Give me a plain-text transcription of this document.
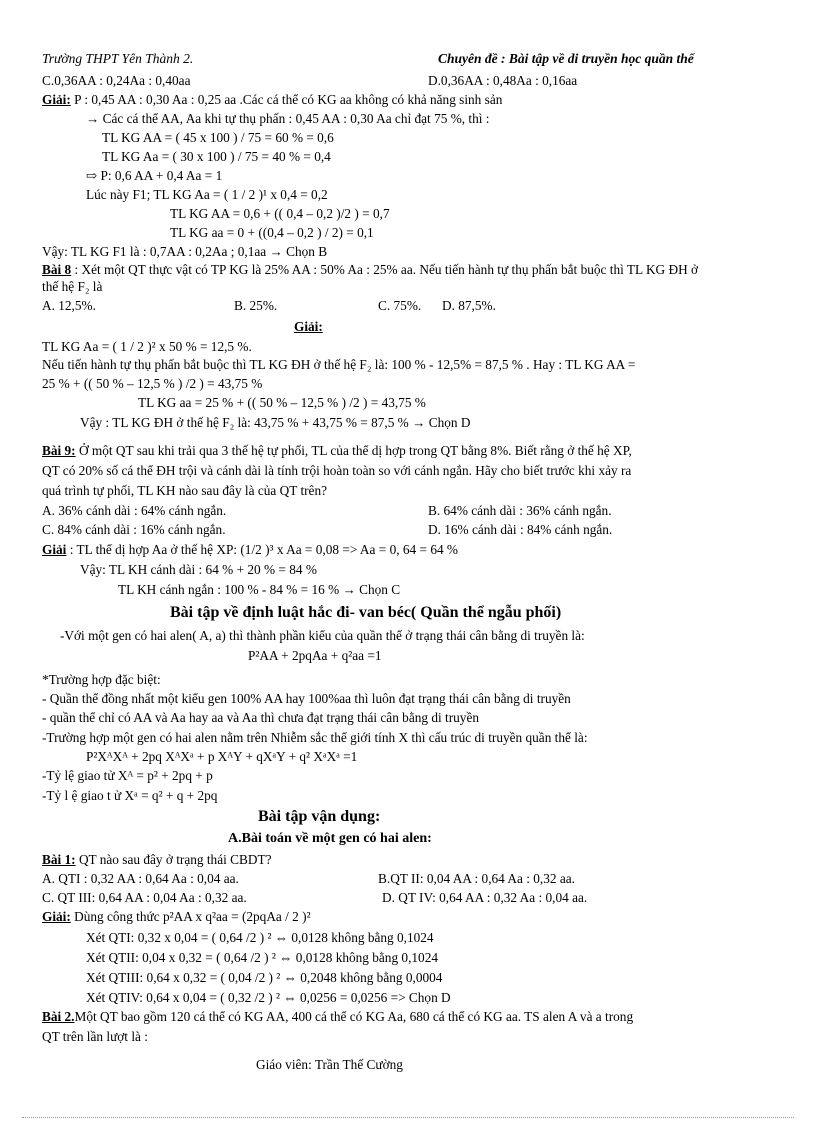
Trường THPT Yên Thành 2.	Chuyên đề : Bài tập về di truyền học quần thể
C.0,36AA : 0,24Aa : 0,40aa	D.0,36AA : 0,48Aa : 0,16aa
Giải: P : 0,45 AA : 0,30 Aa : 0,25 aa .Các cá thể có KG aa không có khả năng sinh sản
→ Các cá thể AA, Aa khi tự thụ phấn : 0,45 AA : 0,30 Aa chỉ đạt 75 %, thì :
TL KG AA = ( 45 x 100 ) / 75 = 60 % = 0,6
TL KG Aa = ( 30 x 100 ) / 75 = 40 % = 0,4
⇨ P: 0,6 AA + 0,4 Aa = 1
Lúc này F1; TL KG Aa = ( 1 / 2 )¹ x 0,4 = 0,2
TL KG AA = 0,6 + (( 0,4 – 0,2 )/2 ) = 0,7
TL KG aa = 0 + ((0,4 – 0,2 ) / 2) = 0,1
Vậy: TL KG F1 là : 0,7AA : 0,2Aa ; 0,1aa → Chọn B
Bài 8 : Xét một QT thực vật có TP KG là 25% AA : 50% Aa : 25% aa. Nếu tiến hành tự thụ phấn bắt buộc thì TL KG ĐH ở
thế hệ F₂ là
A. 12,5%.	B. 25%.	C. 75%. D. 87,5%.
Giải:
TL KG Aa = ( 1 / 2 )² x 50 % = 12,5 %.
Nếu tiến hành tự thụ phấn bắt buộc thì TL KG ĐH ở thế hệ F₂ là: 100 % - 12,5% = 87,5 % . Hay : TL KG AA =
25 % + (( 50 % – 12,5 % ) /2 ) = 43,75 %
TL KG aa = 25 % + (( 50 % – 12,5 % ) /2 ) = 43,75 %
Vậy : TL KG ĐH ở thế hệ F₂ là: 43,75 % + 43,75 % = 87,5 % → Chọn D
Bài 9: Ở một QT sau khi trải qua 3 thế hệ tự phối, TL của thể dị hợp trong QT bằng 8%. Biết rằng ở thế hệ XP,
QT có 20% số cá thể ĐH trội và cánh dài là tính trội hoàn toàn so với cánh ngắn. Hãy cho biết trước khi xảy ra
quá trình tự phối, TL KH nào sau đây là của QT trên?
A. 36% cánh dài : 64% cánh ngắn.	B. 64% cánh dài : 36% cánh ngắn.
C. 84% cánh dài : 16% cánh ngắn.	D. 16% cánh dài : 84% cánh ngắn.
Giải : TL thể dị hợp Aa ở thế hệ XP: (1/2 )³ x Aa = 0,08 => Aa = 0, 64 = 64 %
Vậy: TL KH cánh dài : 64 % + 20 % = 84 %
TL KH cánh ngắn : 100 % - 84 % = 16 % → Chọn C
-Với một gen có hai alen( A, a) thì thành phần kiểu của quần thể ở trạng thái cân bằng di truyền là:
P²AA + 2pqAa + q²aa =1
*Trường hợp đặc biệt:
- Quần thể đồng nhất một kiểu gen 100% AA hay 100%aa thì luôn đạt trạng thái cân bằng di truyền
- quần thể chỉ có AA và Aa hay aa và Aa thì chưa đạt trạng thái cân bằng di truyền
-Trường hợp một gen có hai alen nằm trên Nhiễm sắc thể giới tính X thì cấu trúc di truyền quần thể là:
P²XᴬXᴬ + 2pq XᴬXᵃ + p XᴬY + qXᵃY + q² XᵃXᵃ =1
-Tỷ lệ giao tử Xᴬ = p² + 2pq + p
-Tỷ l ệ giao t ử Xᵃ = q² + q + 2pq
Bài 1: QT nào sau đây ở trạng thái CBDT?
A. QTI : 0,32 AA : 0,64 Aa : 0,04 aa.	B.QT II: 0,04 AA : 0,64 Aa : 0,32 aa.
C. QT III: 0,64 AA : 0,04 Aa : 0,32 aa.	D. QT IV: 0,64 AA : 0,32 Aa : 0,04 aa.
Giải: Dùng công thức p²AA x q²aa = (2pqAa / 2 )²
Xét QTI: 0,32 x 0,04 = ( 0,64 /2 ) ² ⇔ 0,0128 không bằng 0,1024
Xét QTII: 0,04 x 0,32 = ( 0,64 /2 ) ² ⇔ 0,0128 không bằng 0,1024
Xét QTIII: 0,64 x 0,32 = ( 0,04 /2 ) ² ⇔ 0,2048 không bằng 0,0004
Xét QTIV: 0,64 x 0,04 = ( 0,32 /2 ) ² ⇔ 0,0256 = 0,0256 => Chọn D
Bài 2.Một QT bao gồm 120 cá thể có KG AA, 400 cá thể có KG Aa, 680 cá thể có KG aa. TS alen A và a trong
QT trên lần lượt là :
Bài tập về định luật hắc đi- van béc( Quần thể ngẫu phối)
Bài tập vận dụng:
A.Bài toán về một gen có hai alen:
Giáo viên: Trần Thế Cường
